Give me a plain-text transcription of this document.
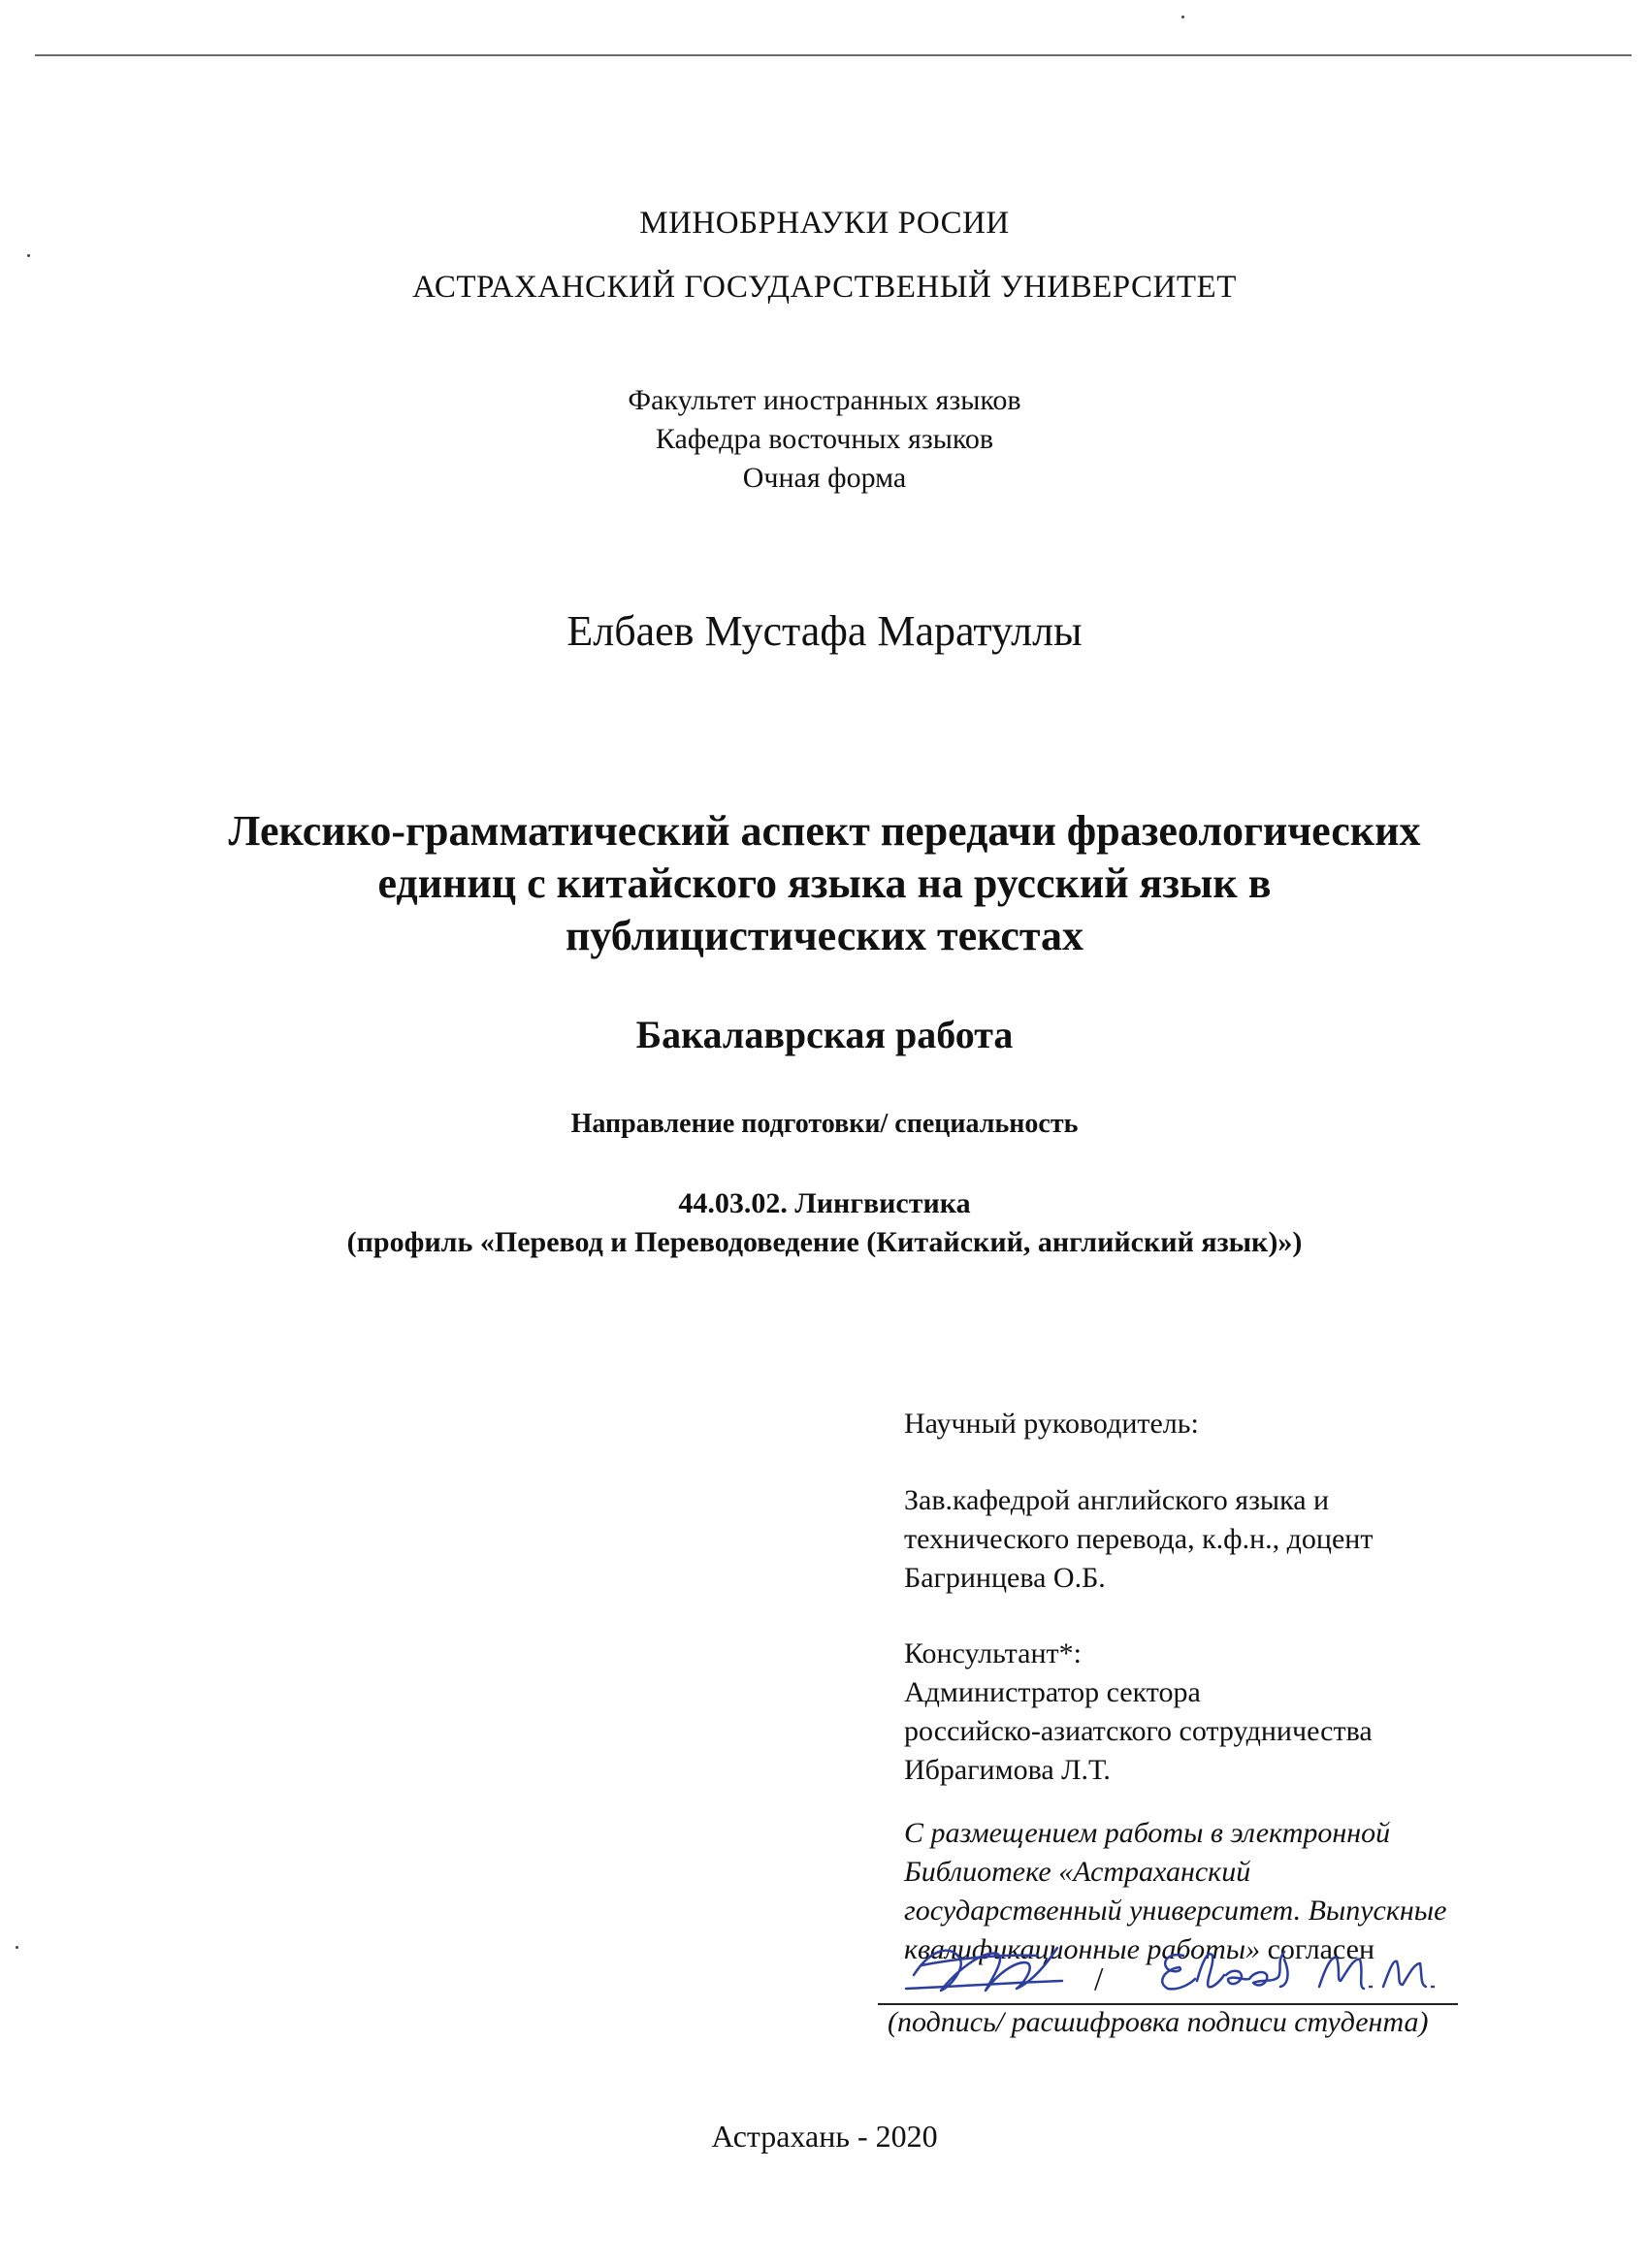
МИНОБРНАУКИ РОСИИ
АСТРАХАНСКИЙ ГОСУДАРСТВЕНЫЙ УНИВЕРСИТЕТ
Факультет иностранных языков
Кафедра восточных языков
Очная форма
Елбаев Мустафа Маратуллы
Лексико-грамматический аспект передачи фразеологических
единиц с китайского языка на русский язык в
публицистических текстах
Бакалаврская работа
Направление подготовки/ специальность
44.03.02. Лингвистика
(профиль «Перевод и Переводоведение (Китайский, английский язык)»)
Научный руководитель:
Зав.кафедрой английского языка и
технического перевода, к.ф.н., доцент
Багринцева О.Б.
Консультант*:
Администратор сектора
российско-азиатского сотрудничества
Ибрагимова Л.Т.
С размещением работы в электронной
Библиотеке «Астраханский
государственный университет. Выпускные
квалификационные работы» согласен
/
(подпись/ расшифровка подписи студента)
Астрахань - 2020
